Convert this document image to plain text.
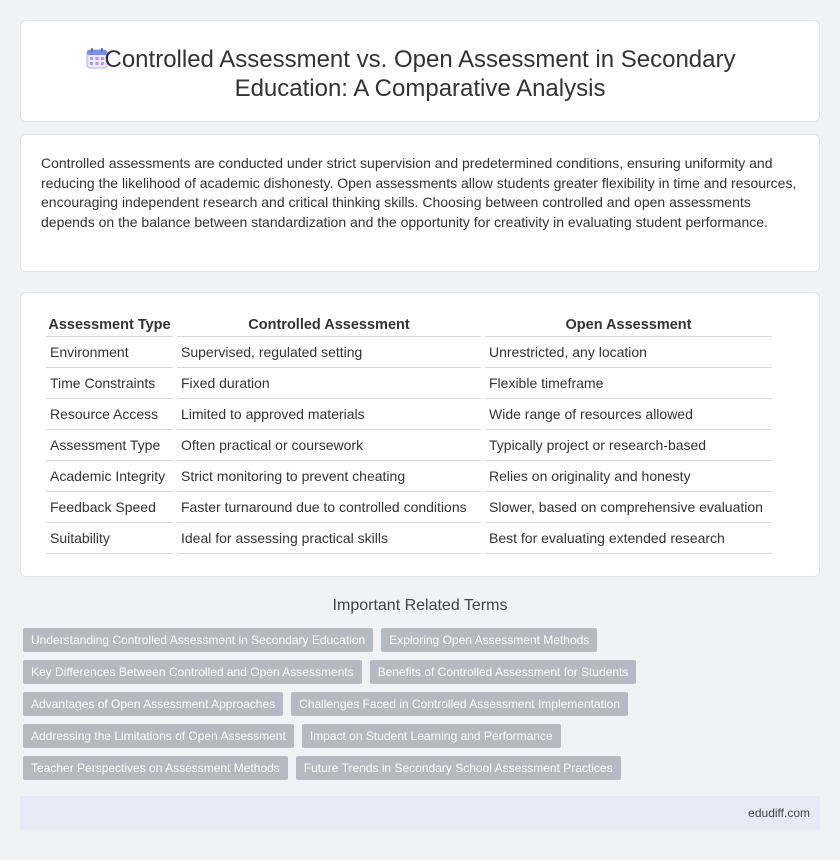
Controlled Assessment vs. Open Assessment in Secondary Education: A Comparative Analysis

Controlled assessments are conducted under strict supervision and predetermined conditions, ensuring uniformity and reducing the likelihood of academic dishonesty. Open assessments allow students greater flexibility in time and resources, encouraging independent research and critical thinking skills. Choosing between controlled and open assessments depends on the balance between standardization and the opportunity for creativity in evaluating student performance.

Assessment Type	Controlled Assessment	Open Assessment
Environment	Supervised, regulated setting	Unrestricted, any location
Time Constraints	Fixed duration	Flexible timeframe
Resource Access	Limited to approved materials	Wide range of resources allowed
Assessment Type	Often practical or coursework	Typically project or research-based
Academic Integrity	Strict monitoring to prevent cheating	Relies on originality and honesty
Feedback Speed	Faster turnaround due to controlled conditions	Slower, based on comprehensive evaluation
Suitability	Ideal for assessing practical skills	Best for evaluating extended research
Important Related Terms
Understanding Controlled Assessment in Secondary Education	Exploring Open Assessment Methods
Key Differences Between Controlled and Open Assessments	Benefits of Controlled Assessment for Students
Advantages of Open Assessment Approaches	Challenges Faced in Controlled Assessment Implementation
Addressing the Limitations of Open Assessment	Impact on Student Learning and Performance
Teacher Perspectives on Assessment Methods	Future Trends in Secondary School Assessment Practices
edudiff.com
